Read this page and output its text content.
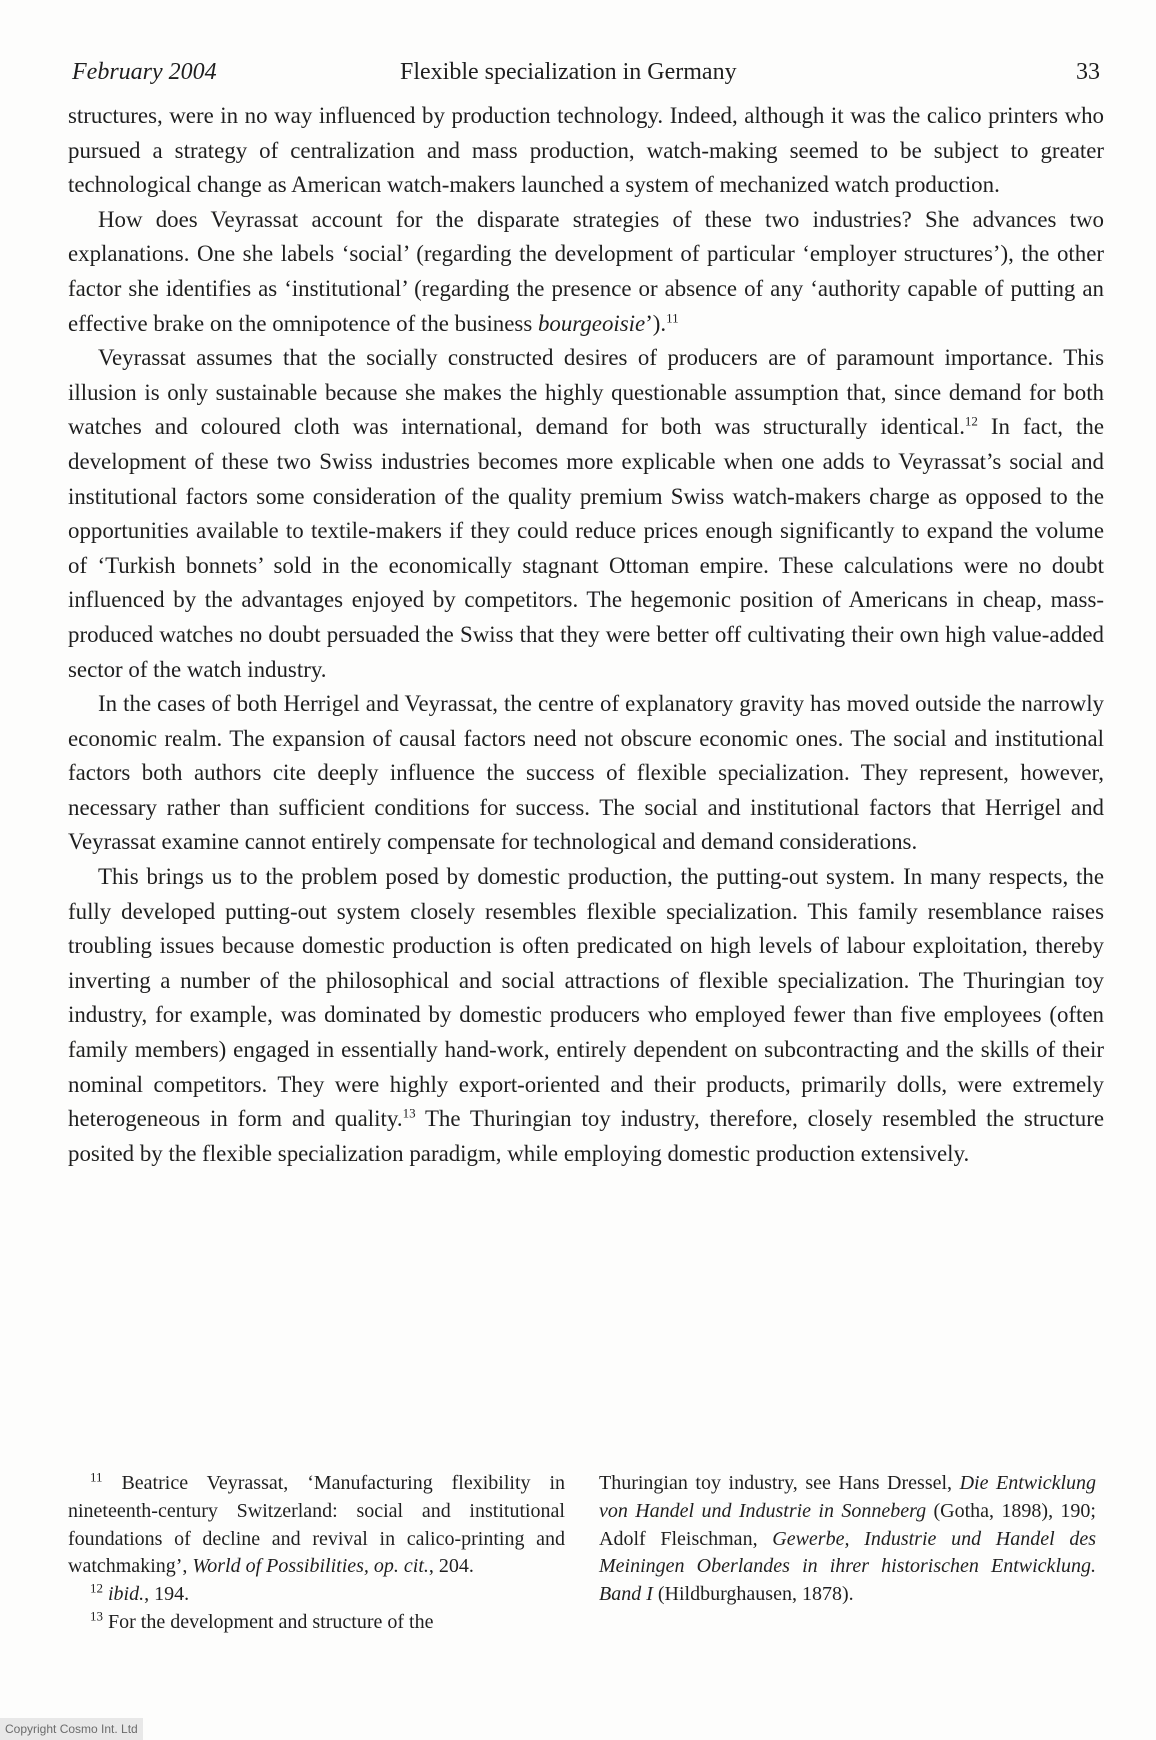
February 2004	Flexible specialization in Germany	33

structures, were in no way influenced by production technology. Indeed, although it was the calico printers who pursued a strategy of centralization and mass production, watch-making seemed to be subject to greater technological change as American watch-makers launched a system of mechanized watch production.

How does Veyrassat account for the disparate strategies of these two industries? She advances two explanations. One she labels ‘social’ (regarding the development of particular ‘employer structures’), the other factor she identifies as ‘institutional’ (regarding the presence or absence of any ‘authority capable of putting an effective brake on the omnipotence of the business bourgeoisie’).$^{11}$

Veyrassat assumes that the socially constructed desires of producers are of paramount importance. This illusion is only sustainable because she makes the highly questionable assumption that, since demand for both watches and coloured cloth was international, demand for both was structurally identical.$^{12}$ In fact, the development of these two Swiss industries becomes more explicable when one adds to Veyrassat’s social and institutional factors some consideration of the quality premium Swiss watch-makers charge as opposed to the opportunities available to textile-makers if they could reduce prices enough significantly to expand the volume of ‘Turkish bonnets’ sold in the economically stagnant Ottoman empire. These calculations were no doubt influenced by the advantages enjoyed by competitors. The hegemonic position of Americans in cheap, mass-produced watches no doubt persuaded the Swiss that they were better off cultivating their own high value-added sector of the watch industry.

In the cases of both Herrigel and Veyrassat, the centre of explanatory gravity has moved outside the narrowly economic realm. The expansion of causal factors need not obscure economic ones. The social and institutional factors both authors cite deeply influence the success of flexible specialization. They represent, however, necessary rather than sufficient conditions for success. The social and institutional factors that Herrigel and Veyrassat examine cannot entirely compensate for technological and demand considerations.

This brings us to the problem posed by domestic production, the putting-out system. In many respects, the fully developed putting-out system closely resembles flexible specialization. This family resemblance raises troubling issues because domestic production is often predicated on high levels of labour exploitation, thereby inverting a number of the philosophical and social attractions of flexible specialization. The Thuringian toy industry, for example, was dominated by domestic producers who employed fewer than five employees (often family members) engaged in essentially hand-work, entirely dependent on subcontracting and the skills of their nominal competitors. They were highly export-oriented and their products, primarily dolls, were extremely heterogeneous in form and quality.$^{13}$ The Thuringian toy industry, therefore, closely resembled the structure posited by the flexible specialization paradigm, while employing domestic production extensively.

$^{11}$ Beatrice Veyrassat, ‘Manufacturing flexibility in nineteenth-century Switzerland: social and institutional foundations of decline and revival in calico-printing and watchmaking’, World of Possibilities, op. cit., 204.

$^{12}$ ibid., 194.

$^{13}$ For the development and structure of the

Thuringian toy industry, see Hans Dressel, Die Entwicklung von Handel und Industrie in Sonneberg (Gotha, 1898), 190; Adolf Fleischman, Gewerbe, Industrie und Handel des Meiningen Oberlandes in ihrer historischen Entwicklung. Band I (Hildburghausen, 1878).

Copyright Cosmo Int. Ltd
